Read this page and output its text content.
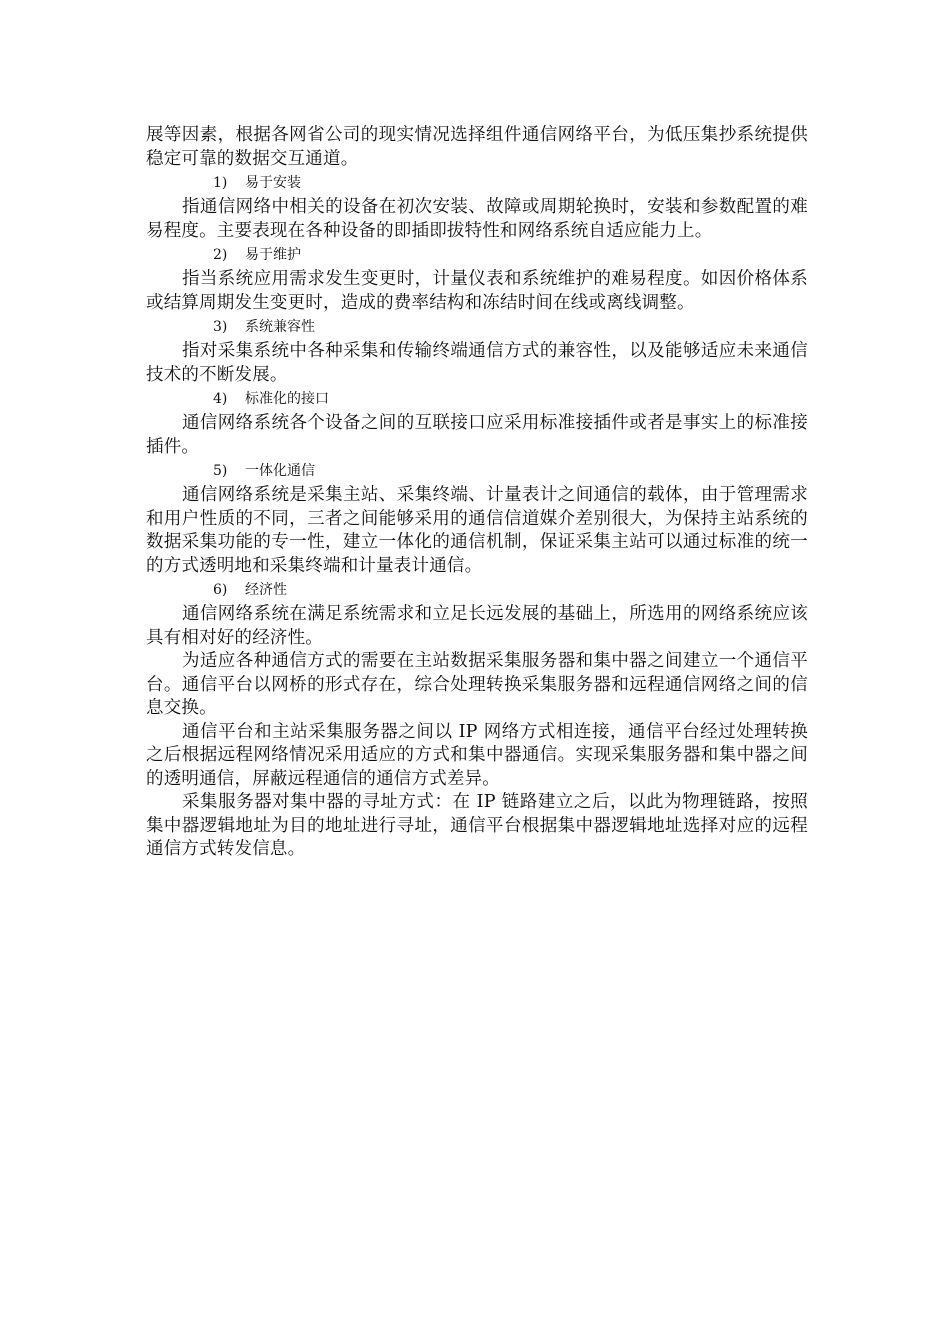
展等因素，根据各网省公司的现实情况选择组件通信网络平台，为低压集抄系统提供稳定可靠的数据交互通道。

1) 易于安装

指通信网络中相关的设备在初次安装、故障或周期轮换时，安装和参数配置的难易程度。主要表现在各种设备的即插即拔特性和网络系统自适应能力上。

2) 易于维护

指当系统应用需求发生变更时，计量仪表和系统维护的难易程度。如因价格体系或结算周期发生变更时，造成的费率结构和冻结时间在线或离线调整。

3) 系统兼容性

指对采集系统中各种采集和传输终端通信方式的兼容性，以及能够适应未来通信技术的不断发展。

4) 标准化的接口

通信网络系统各个设备之间的互联接口应采用标准接插件或者是事实上的标准接插件。

5) 一体化通信

通信网络系统是采集主站、采集终端、计量表计之间通信的载体，由于管理需求和用户性质的不同，三者之间能够采用的通信信道媒介差别很大，为保持主站系统的数据采集功能的专一性，建立一体化的通信机制，保证采集主站可以通过标准的统一的方式透明地和采集终端和计量表计通信。

6) 经济性

通信网络系统在满足系统需求和立足长远发展的基础上，所选用的网络系统应该具有相对好的经济性。

为适应各种通信方式的需要在主站数据采集服务器和集中器之间建立一个通信平台。通信平台以网桥的形式存在，综合处理转换采集服务器和远程通信网络之间的信息交换。

通信平台和主站采集服务器之间以 IP 网络方式相连接，通信平台经过处理转换之后根据远程网络情况采用适应的方式和集中器通信。实现采集服务器和集中器之间的透明通信，屏蔽远程通信的通信方式差异。

采集服务器对集中器的寻址方式：在 IP 链路建立之后，以此为物理链路，按照集中器逻辑地址为目的地址进行寻址，通信平台根据集中器逻辑地址选择对应的远程通信方式转发信息。
